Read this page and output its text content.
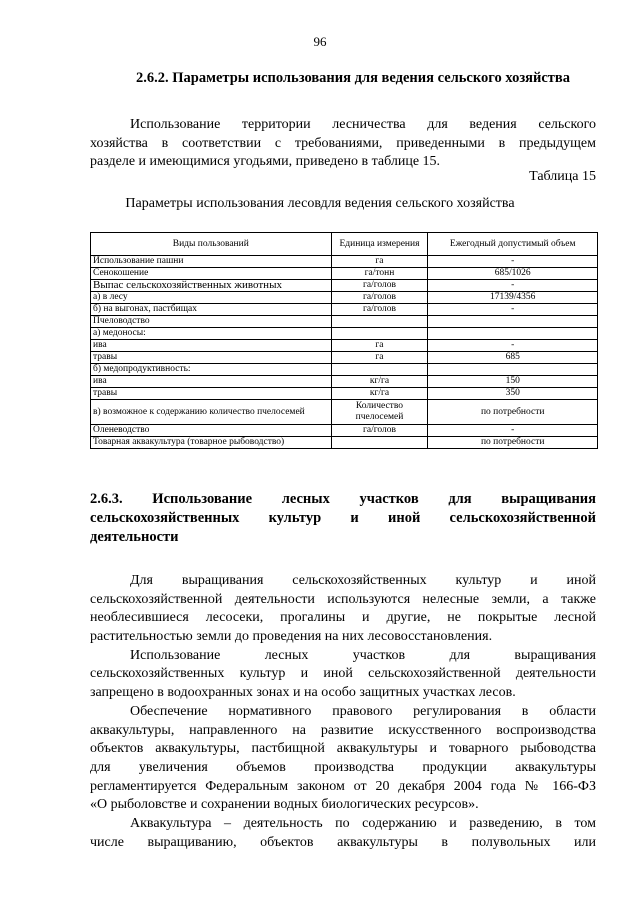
96
2.6.2. Параметры использования для ведения сельского хозяйства
Использование территории лесничества для ведения сельского
хозяйства в соответствии с требованиями, приведенными в предыдущем
разделе и имеющимися угодьями, приведено в таблице 15.
Таблица 15
Параметры использования лесовдля ведения сельского хозяйства
Виды пользований	Единица измерения	Ежегодный допустимый объем
Использование пашни	га	-
Сенокошение	га/тонн	685/1026
Выпас сельскохозяйственных животных	га/голов	-
а) в лесу	га/голов	17139/4356
б) на выгонах, пастбищах	га/голов	-
Пчеловодство		
а) медоносы:		
ива	га	-
травы	га	685
б) медопродуктивность:		
ива	кг/га	150
травы	кг/га	350
в) возможное к содержанию количество пчелосемей	Количество пчелосемей	по потребности
Оленеводство	га/голов	-
Товарная аквакультура (товарное рыбоводство)		по потребности
2.6.3. Использование лесных участков для выращивания
сельскохозяйственных культур и иной сельскохозяйственной
деятельности
Для выращивания сельскохозяйственных культур и иной
сельскохозяйственной деятельности используются нелесные земли, а также
необлесившиеся лесосеки, прогалины и другие, не покрытые лесной
растительностью земли до проведения на них лесовосстановления.
Использование лесных участков для выращивания
сельскохозяйственных культур и иной сельскохозяйственной деятельности
запрещено в водоохранных зонах и на особо защитных участках лесов.
Обеспечение нормативного правового регулирования в области
аквакультуры, направленного на развитие искусственного воспроизводства
объектов аквакультуры, пастбищной аквакультуры и товарного рыбоводства
для увеличения объемов производства продукции аквакультуры
регламентируется Федеральным законом от 20 декабря 2004 года № 166-ФЗ
«О рыболовстве и сохранении водных биологических ресурсов».
Аквакультура – деятельность по содержанию и разведению, в том
числе выращиванию, объектов аквакультуры в полувольных или
